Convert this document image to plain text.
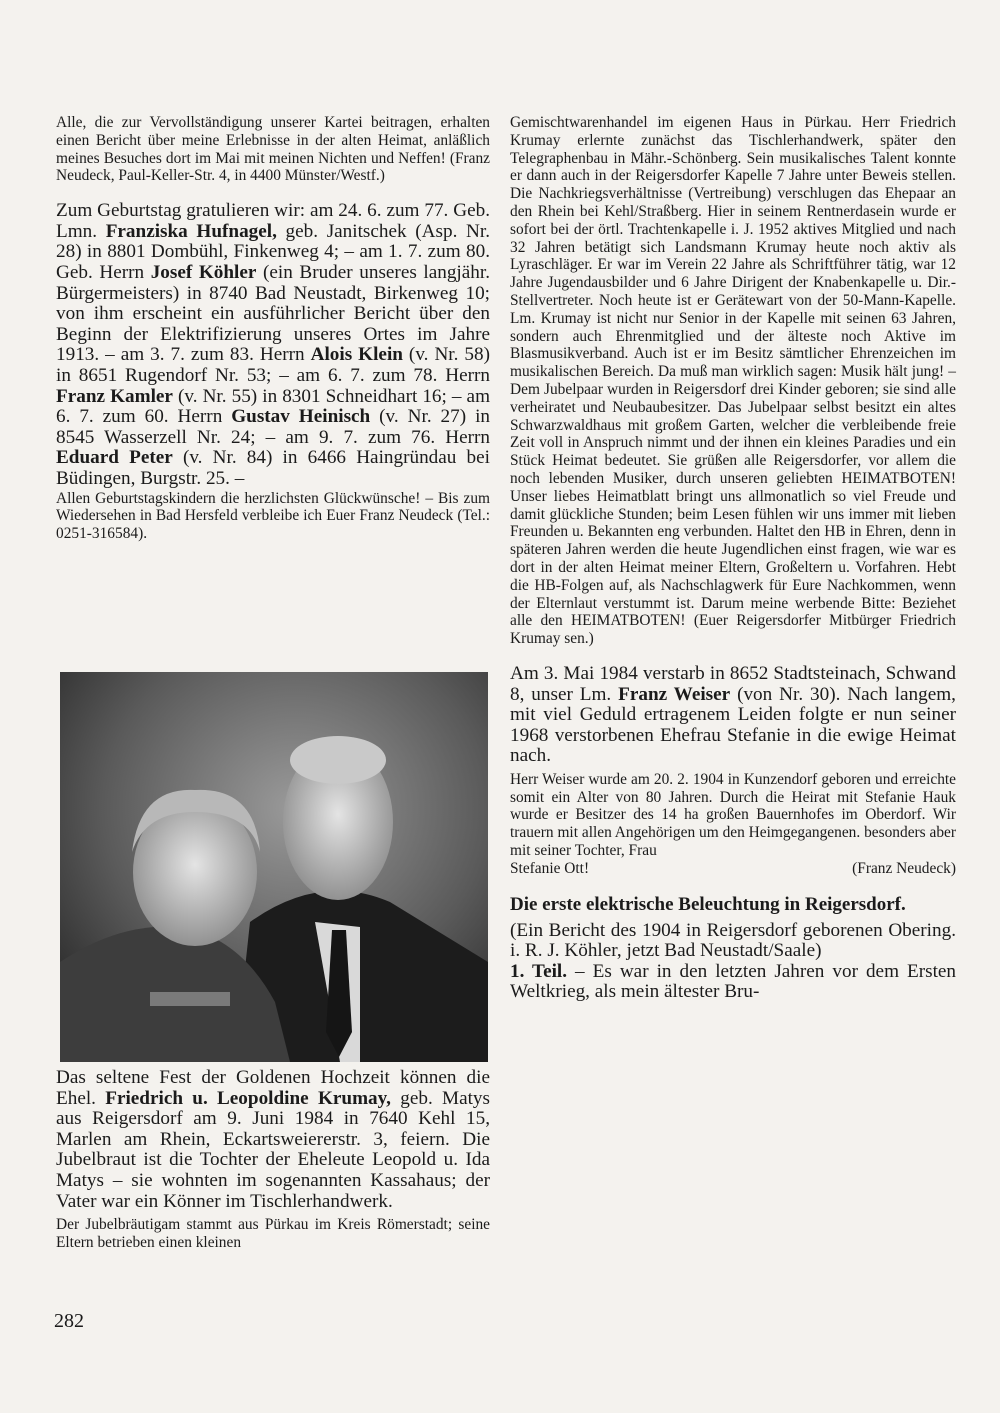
Alle, die zur Vervollständigung unserer Kartei beitragen, erhalten einen Bericht über meine Erlebnisse in der alten Heimat, anläßlich meines Besuches dort im Mai mit meinen Nichten und Neffen! (Franz Neudeck, Paul-Keller-Str. 4, in 4400 Münster/Westf.)

Zum Geburtstag gratulieren wir: am 24. 6. zum 77. Geb. Lmn. Franziska Hufnagel, geb. Janitschek (Asp. Nr. 28) in 8801 Dombühl, Finkenweg 4; – am 1. 7. zum 80. Geb. Herrn Josef Köhler (ein Bruder unseres langjähr. Bürgermeisters) in 8740 Bad Neustadt, Birkenweg 10; von ihm erscheint ein ausführlicher Bericht über den Beginn der Elektrifizierung unseres Ortes im Jahre 1913. – am 3. 7. zum 83. Herrn Alois Klein (v. Nr. 58) in 8651 Rugendorf Nr. 53; – am 6. 7. zum 78. Herrn Franz Kamler (v. Nr. 55) in 8301 Schneidhart 16; – am 6. 7. zum 60. Herrn Gustav Heinisch (v. Nr. 27) in 8545 Wasserzell Nr. 24; – am 9. 7. zum 76. Herrn Eduard Peter (v. Nr. 84) in 6466 Haingründau bei Büdingen, Burgstr. 25. –

Allen Geburtstagskindern die herzlichsten Glückwünsche! – Bis zum Wiedersehen in Bad Hersfeld verbleibe ich Euer Franz Neudeck (Tel.: 0251-316584).

Das seltene Fest der Goldenen Hochzeit können die Ehel. Friedrich u. Leopoldine Krumay, geb. Matys aus Reigersdorf am 9. Juni 1984 in 7640 Kehl 15, Marlen am Rhein, Eckartsweiererstr. 3, feiern. Die Jubelbraut ist die Tochter der Eheleute Leopold u. Ida Matys – sie wohnten im sogenannten Kassahaus; der Vater war ein Könner im Tischlerhandwerk.

Der Jubelbräutigam stammt aus Pürkau im Kreis Römerstadt; seine Eltern betrieben einen kleinen

Gemischtwarenhandel im eigenen Haus in Pürkau. Herr Friedrich Krumay erlernte zunächst das Tischlerhandwerk, später den Telegraphenbau in Mähr.-Schönberg. Sein musikalisches Talent konnte er dann auch in der Reigersdorfer Kapelle 7 Jahre unter Beweis stellen. Die Nachkriegsverhältnisse (Vertreibung) verschlugen das Ehepaar an den Rhein bei Kehl/Straßberg. Hier in seinem Rentnerdasein wurde er sofort bei der örtl. Trachtenkapelle i. J. 1952 aktives Mitglied und nach 32 Jahren betätigt sich Landsmann Krumay heute noch aktiv als Lyraschläger. Er war im Verein 22 Jahre als Schriftführer tätig, war 12 Jahre Jugendausbilder und 6 Jahre Dirigent der Knabenkapelle u. Dir.-Stellvertreter. Noch heute ist er Gerätewart von der 50-Mann-Kapelle. Lm. Krumay ist nicht nur Senior in der Kapelle mit seinen 63 Jahren, sondern auch Ehrenmitglied und der älteste noch Aktive im Blasmusikverband. Auch ist er im Besitz sämtlicher Ehrenzeichen im musikalischen Bereich. Da muß man wirklich sagen: Musik hält jung! – Dem Jubelpaar wurden in Reigersdorf drei Kinder geboren; sie sind alle verheiratet und Neubaubesitzer. Das Jubelpaar selbst besitzt ein altes Schwarzwaldhaus mit großem Garten, welcher die verbleibende freie Zeit voll in Anspruch nimmt und der ihnen ein kleines Paradies und ein Stück Heimat bedeutet. Sie grüßen alle Reigersdorfer, vor allem die noch lebenden Musiker, durch unseren geliebten HEIMATBOTEN! Unser liebes Heimatblatt bringt uns allmonatlich so viel Freude und damit glückliche Stunden; beim Lesen fühlen wir uns immer mit lieben Freunden u. Bekannten eng verbunden. Haltet den HB in Ehren, denn in späteren Jahren werden die heute Jugendlichen einst fragen, wie war es dort in der alten Heimat meiner Eltern, Großeltern u. Vorfahren. Hebt die HB-Folgen auf, als Nachschlagwerk für Eure Nachkommen, wenn der Elternlaut verstummt ist. Darum meine werbende Bitte: Beziehet alle den HEIMATBOTEN! (Euer Reigersdorfer Mitbürger Friedrich Krumay sen.)

Am 3. Mai 1984 verstarb in 8652 Stadtsteinach, Schwand 8, unser Lm. Franz Weiser (von Nr. 30). Nach langem, mit viel Geduld ertragenem Leiden folgte er nun seiner 1968 verstorbenen Ehefrau Stefanie in die ewige Heimat nach.

Herr Weiser wurde am 20. 2. 1904 in Kunzendorf geboren und erreichte somit ein Alter von 80 Jahren. Durch die Heirat mit Stefanie Hauk wurde er Besitzer des 14 ha großen Bauernhofes im Oberdorf. Wir trauern mit allen Angehörigen um den Heimgegangenen. besonders aber mit seiner Tochter, Frau

Stefanie Ott!	(Franz Neudeck)

Die erste elektrische Beleuchtung in Reigersdorf.

(Ein Bericht des 1904 in Reigersdorf geborenen Obering. i. R. J. Köhler, jetzt Bad Neustadt/Saale)

1. Teil. – Es war in den letzten Jahren vor dem Ersten Weltkrieg, als mein ältester Bru-

282
